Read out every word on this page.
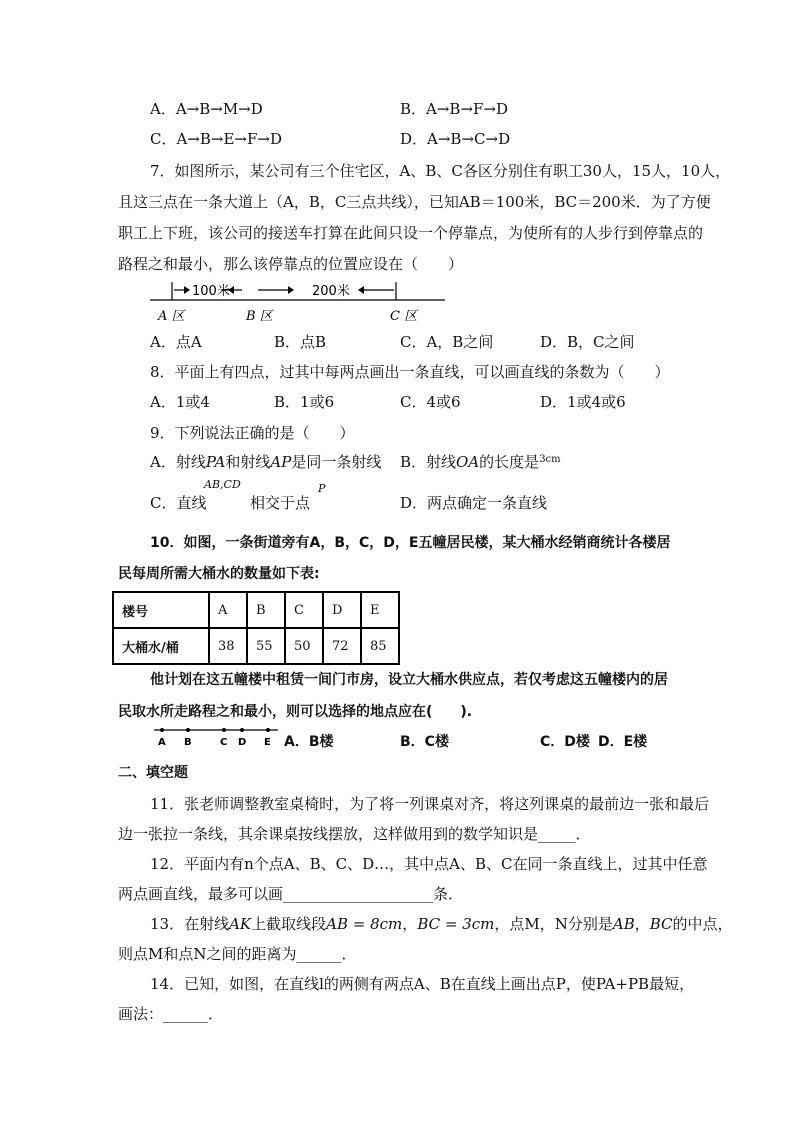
A．A→B→M→D	B．A→B→F→D
C．A→B→E→F→D	D．A→B→C→D
7．如图所示，某公司有三个住宅区，A、B、C各区分别住有职工30人，15人，10人，
且这三点在一条大道上（A，B，C三点共线），已知AB＝100米，BC＝200米．为了方便
职工上下班，该公司的接送车打算在此间只设一个停靠点，为使所有的人步行到停靠点的
路程之和最小，那么该停靠点的位置应设在（　　）
100米	200米
A 区	B 区	C 区
A．点A	B．点B	C．A，B之间	D．B，C之间
8．平面上有四点，过其中每两点画出一条直线，可以画直线的条数为（　　）
A．1或4	B．1或6	C．4或6	D．1或4或6
9．下列说法正确的是（　　）
A．射线PA和射线AP是同一条射线 B．射线OA的长度是$^{3cm}$
C．直线
AB,CD
相交于点
P
D．两点确定一条直线
10．如图，一条街道旁有A，B，C，D，E五幢居民楼，某大桶水经销商统计各楼居
民每周所需大桶水的数量如下表:
楼号	A	B	C	D	E
大桶水/桶	38	55	50	72	85
他计划在这五幢楼中租赁一间门市房，设立大桶水供应点，若仅考虑这五幢楼内的居
民取水所走路程之和最小，则可以选择的地点应在(　　).
A B	C D E A．B楼	B．C楼	C．D楼 D．E楼
二、填空题
11．张老师调整教室桌椅时，为了将一列课桌对齐，将这列课桌的最前边一张和最后
边一张拉一条线，其余课桌按线摆放，这样做用到的数学知识是_____．
12．平面内有n个点A、B、C、D…，其中点A、B、C在同一条直线上，过其中任意
两点画直线，最多可以画____________________条．
13．在射线AK上截取线段AB = 8cm，BC = 3cm，点M，N分别是AB，BC的中点，
则点M和点N之间的距离为______．
14．已知，如图，在直线l的两侧有两点A、B在直线上画出点P，使PA+PB最短，
画法：______．
